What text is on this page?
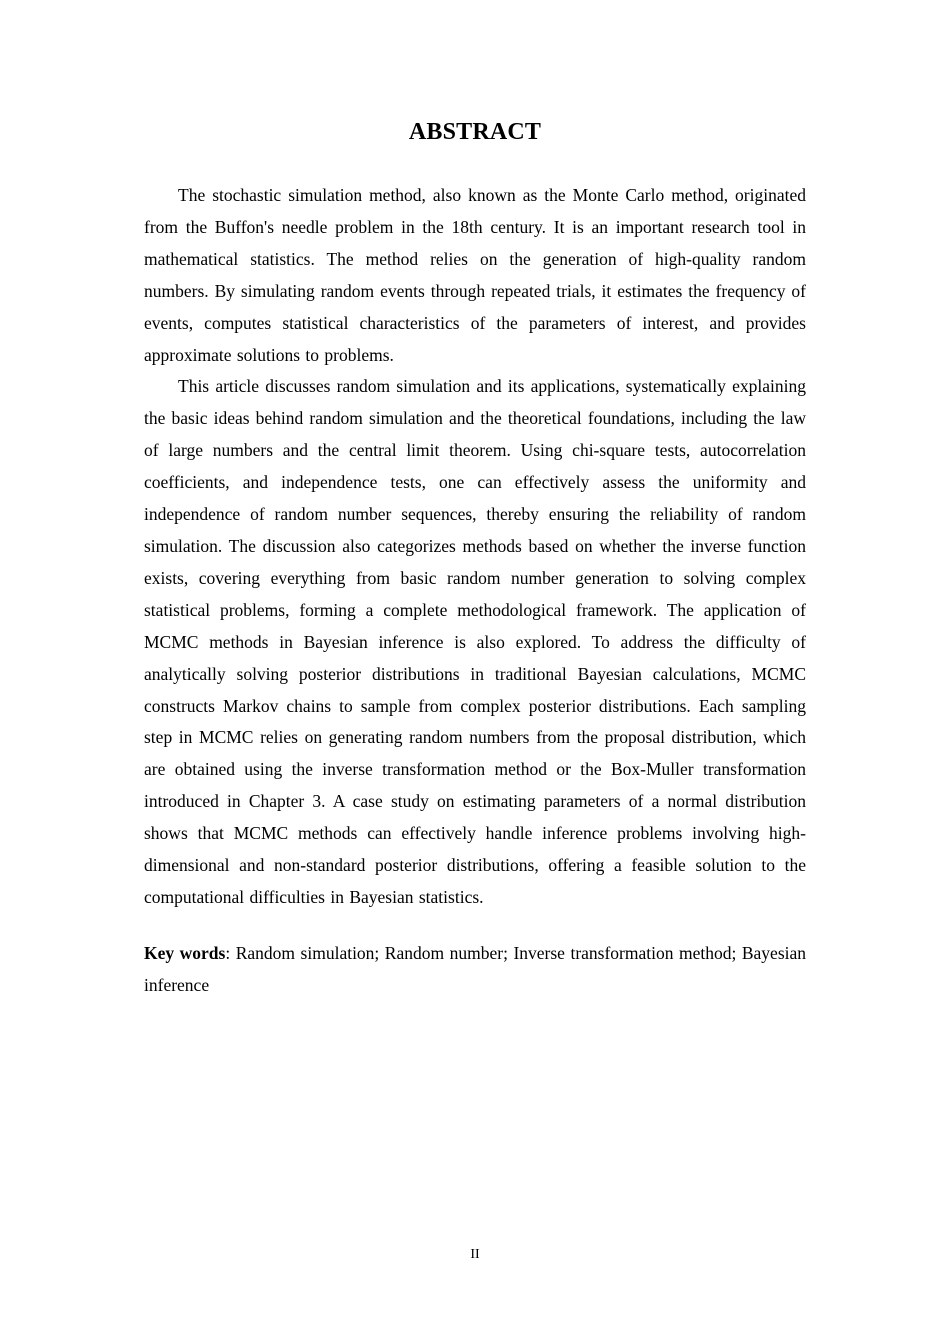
ABSTRACT

The stochastic simulation method, also known as the Monte Carlo method, originated from the Buffon's needle problem in the 18th century. It is an important research tool in mathematical statistics. The method relies on the generation of high-quality random numbers. By simulating random events through repeated trials, it estimates the frequency of events, computes statistical characteristics of the parameters of interest, and provides approximate solutions to problems.

This article discusses random simulation and its applications, systematically explaining the basic ideas behind random simulation and the theoretical foundations, including the law of large numbers and the central limit theorem. Using chi-square tests, autocorrelation coefficients, and independence tests, one can effectively assess the uniformity and independence of random number sequences, thereby ensuring the reliability of random simulation. The discussion also categorizes methods based on whether the inverse function exists, covering everything from basic random number generation to solving complex statistical problems, forming a complete methodological framework. The application of MCMC methods in Bayesian inference is also explored. To address the difficulty of analytically solving posterior distributions in traditional Bayesian calculations, MCMC constructs Markov chains to sample from complex posterior distributions. Each sampling step in MCMC relies on generating random numbers from the proposal distribution, which are obtained using the inverse transformation method or the Box-Muller transformation introduced in Chapter 3. A case study on estimating parameters of a normal distribution shows that MCMC methods can effectively handle inference problems involving high-dimensional and non-standard posterior distributions, offering a feasible solution to the computational difficulties in Bayesian statistics.

Key words: Random simulation; Random number; Inverse transformation method; Bayesian inference

II
